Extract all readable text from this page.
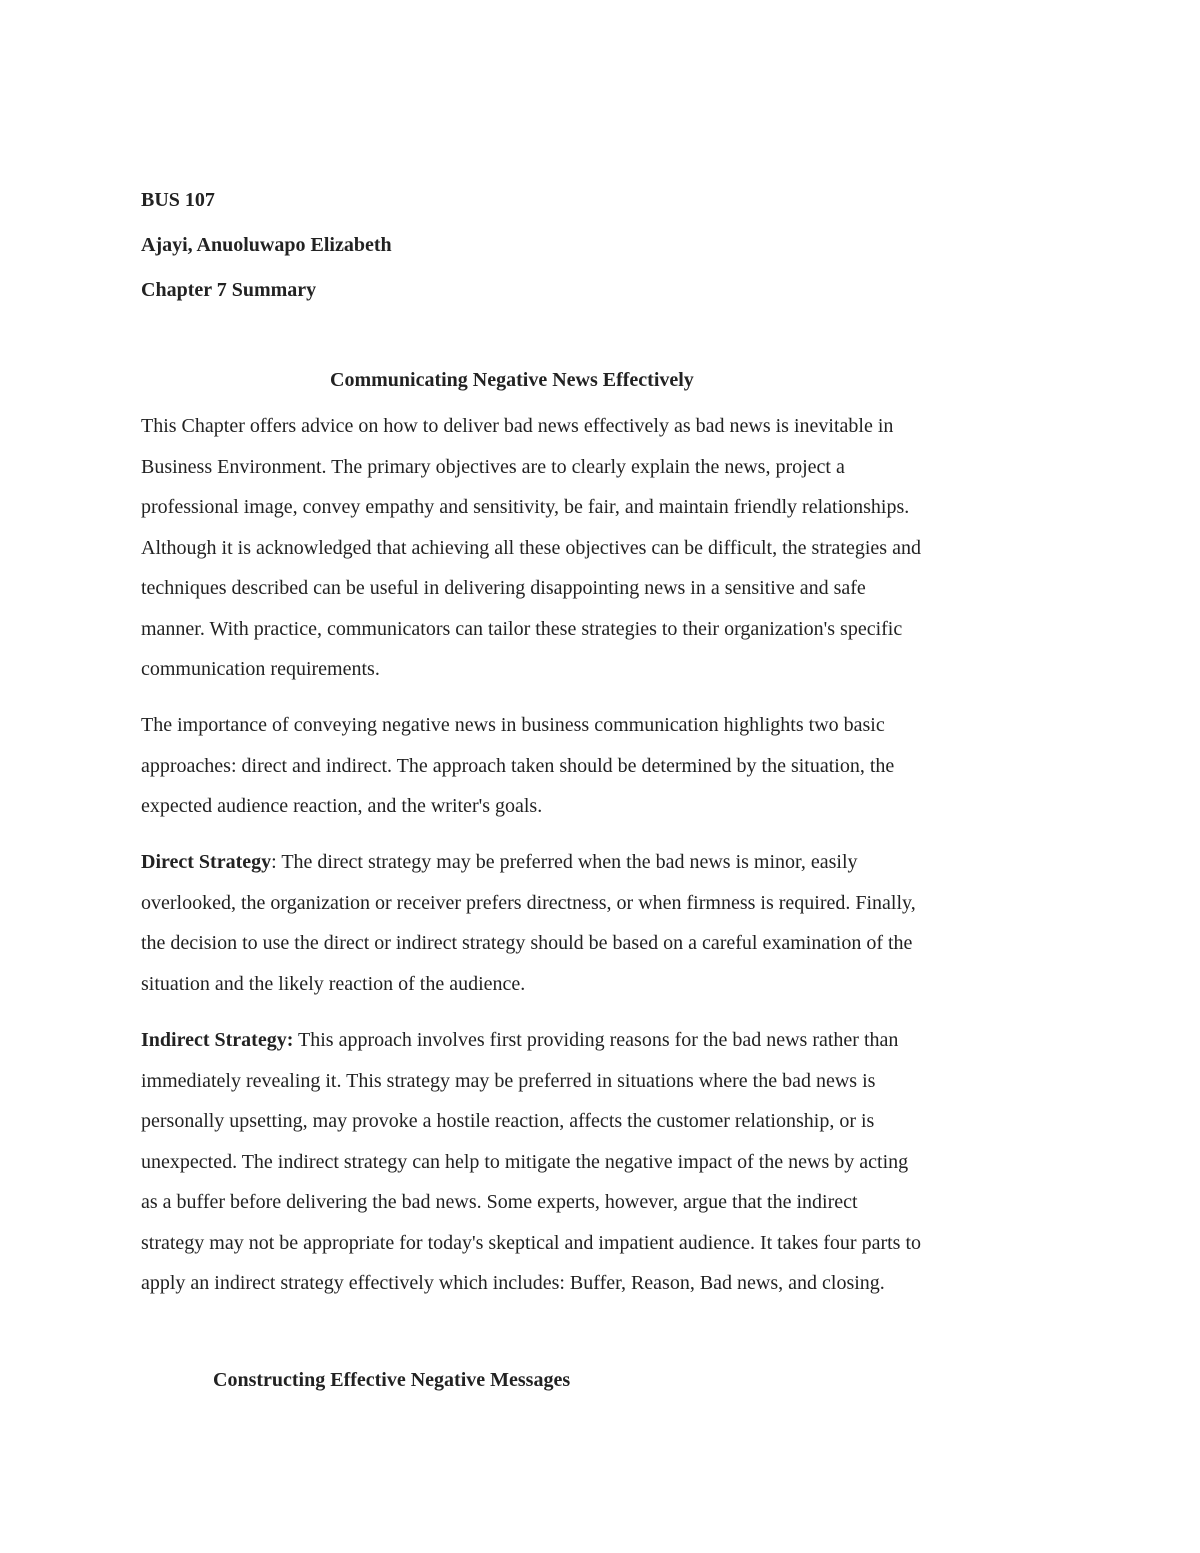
BUS 107
Ajayi, Anuoluwapo Elizabeth
Chapter 7 Summary
Communicating Negative News Effectively
This Chapter offers advice on how to deliver bad news effectively as bad news is inevitable in
Business Environment. The primary objectives are to clearly explain the news, project a
professional image, convey empathy and sensitivity, be fair, and maintain friendly relationships.
Although it is acknowledged that achieving all these objectives can be difficult, the strategies and
techniques described can be useful in delivering disappointing news in a sensitive and safe
manner. With practice, communicators can tailor these strategies to their organization's specific
communication requirements.
The importance of conveying negative news in business communication highlights two basic
approaches: direct and indirect. The approach taken should be determined by the situation, the
expected audience reaction, and the writer's goals.
Direct Strategy: The direct strategy may be preferred when the bad news is minor, easily
overlooked, the organization or receiver prefers directness, or when firmness is required. Finally,
the decision to use the direct or indirect strategy should be based on a careful examination of the
situation and the likely reaction of the audience.
Indirect Strategy: This approach involves first providing reasons for the bad news rather than
immediately revealing it. This strategy may be preferred in situations where the bad news is
personally upsetting, may provoke a hostile reaction, affects the customer relationship, or is
unexpected. The indirect strategy can help to mitigate the negative impact of the news by acting
as a buffer before delivering the bad news. Some experts, however, argue that the indirect
strategy may not be appropriate for today's skeptical and impatient audience. It takes four parts to
apply an indirect strategy effectively which includes: Buffer, Reason, Bad news, and closing.
Constructing Effective Negative Messages
